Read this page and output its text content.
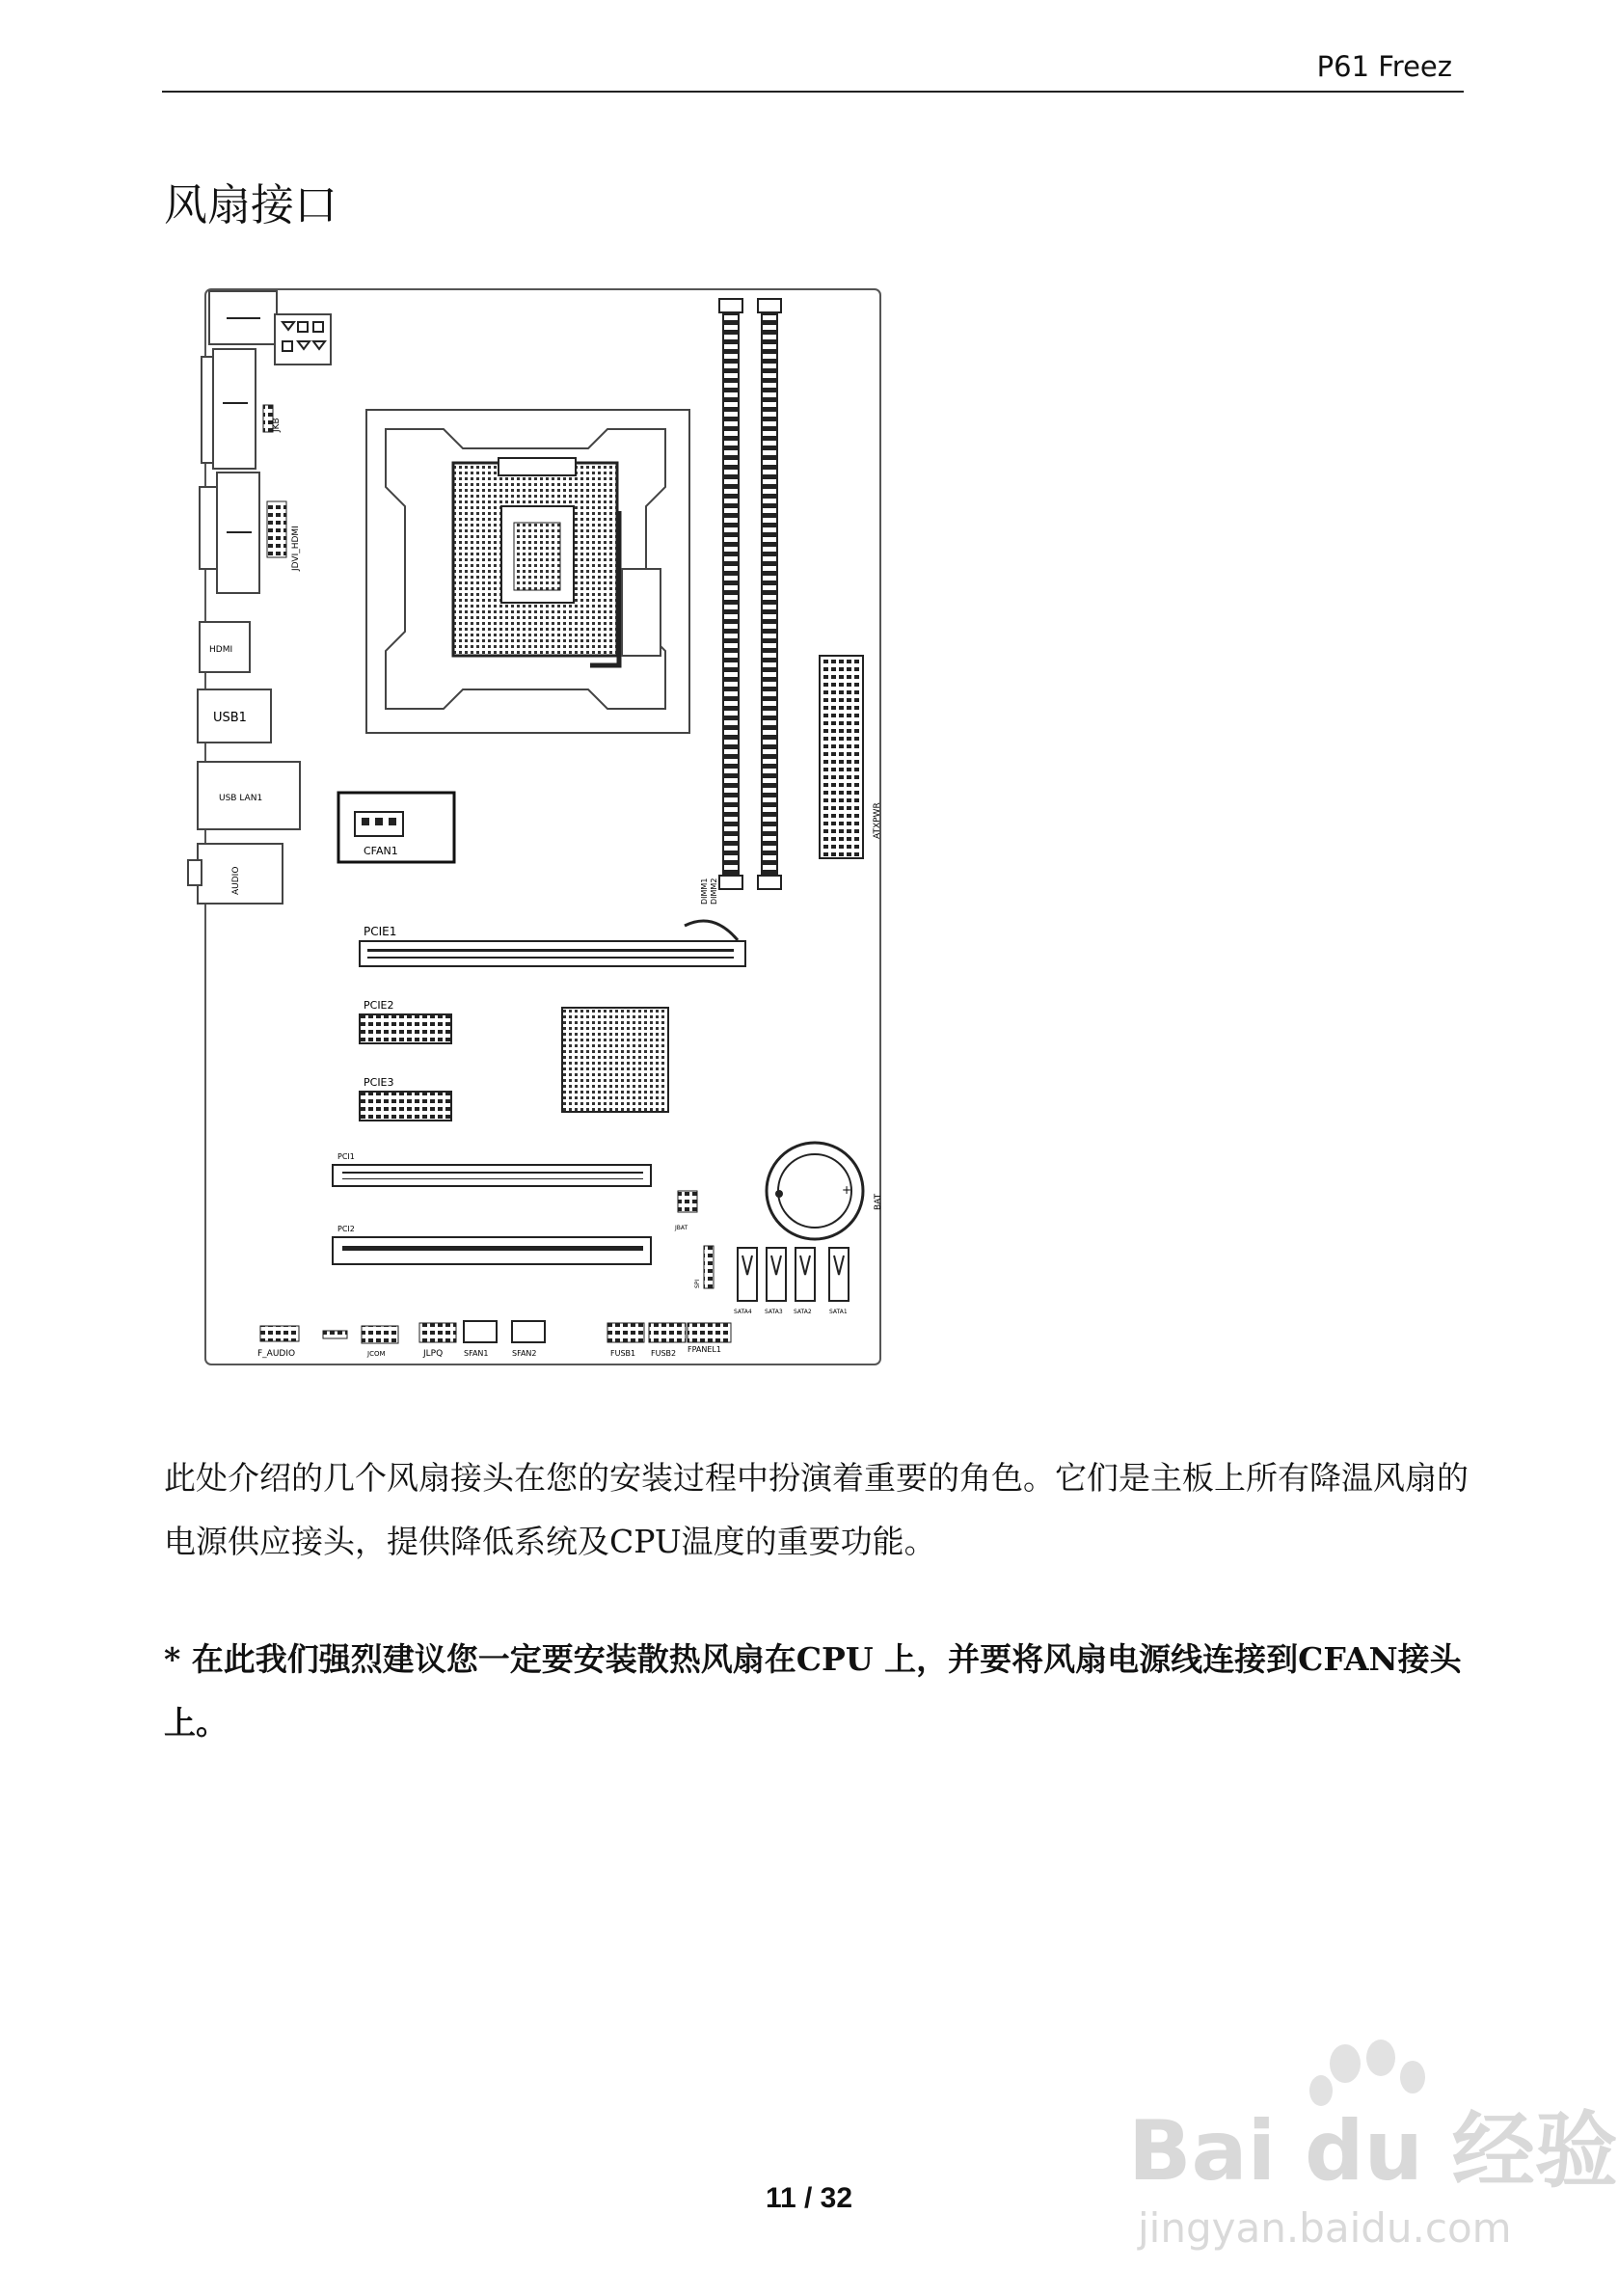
P61 Freez
风扇接口
JKB
JDVI_HDMI
HDMI
USB1
USB LAN1
AUDIO	DIMM1 DIMM2
ATXPWR
CFAN1
PCIE1
PCIE2
PCIE3
PCI1
PCI2
+
BAT
JBAT
SPI
SATA4 SATA3 SATA2	SATA1
F_AUDIO	JCOM	JLPQ	SFAN1	SFAN2	FUSB1 FUSB2 FPANEL1
此处介绍的几个风扇接头在您的安装过程中扮演着重要的角色。它们是主板上所有降温风扇的电源供应接头，提供降低系统及CPU温度的重要功能。
* 在此我们强烈建议您一定要安装散热风扇在CPU 上，并要将风扇电源线连接到CFAN接头上。
11 / 32	Bai du 经验
jingyan.baidu.com
